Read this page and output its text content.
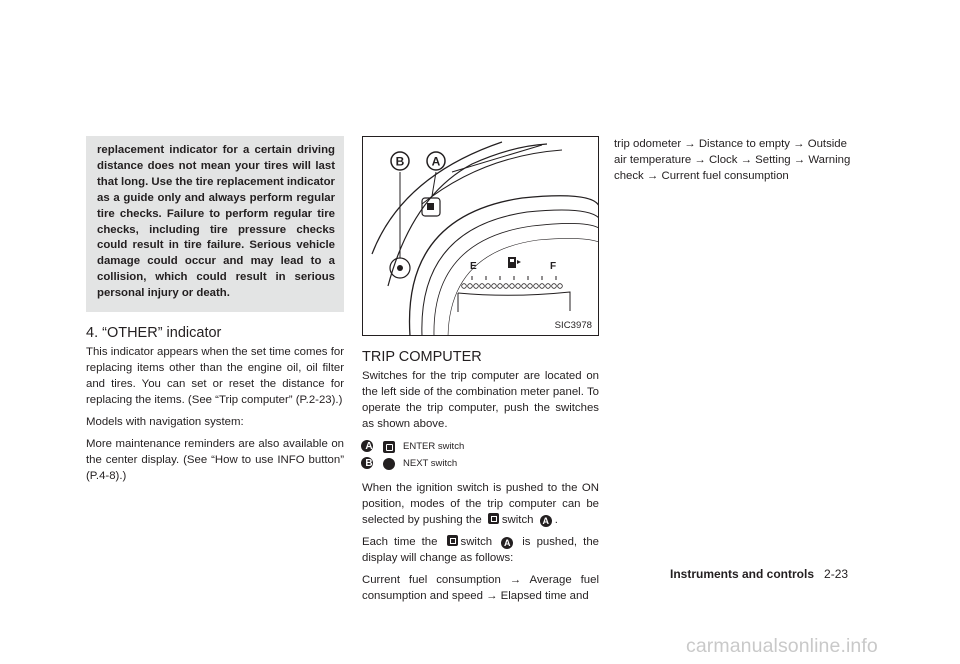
replacement indicator for a certain driving distance does not mean your tires will last that long. Use the tire replacement indicator as a guide only and always perform regular tire checks. Failure to perform regular tire checks, including tire pressure checks could result in tire failure. Serious vehicle damage could occur and may lead to a collision, which could result in serious personal injury or death.

4. “OTHER” indicator

This indicator appears when the set time comes for replacing items other than the engine oil, oil filter and tires. You can set or reset the distance for replacing the items. (See “Trip computer” (P.2-23).)

Models with navigation system:

More maintenance reminders are also available on the center display. (See “How to use INFO button” (P.4-8).)

B A
E	F
SIC3978
TRIP COMPUTER

Switches for the trip computer are located on the left side of the combination meter panel. To operate the trip computer, push the switches as shown above.

A	ENTER switch
B	NEXT switch

When the ignition switch is pushed to the ON position, modes of the trip computer can be selected by pushing the switch A .

Each time the switch A is pushed, the display will change as follows:

Current fuel consumption → Average fuel consumption and speed → Elapsed time and

trip odometer → Distance to empty → Outside air temperature → Clock → Setting → Warning check → Current fuel consumption

Instruments and controls 2-23
carmanualsonline.info
